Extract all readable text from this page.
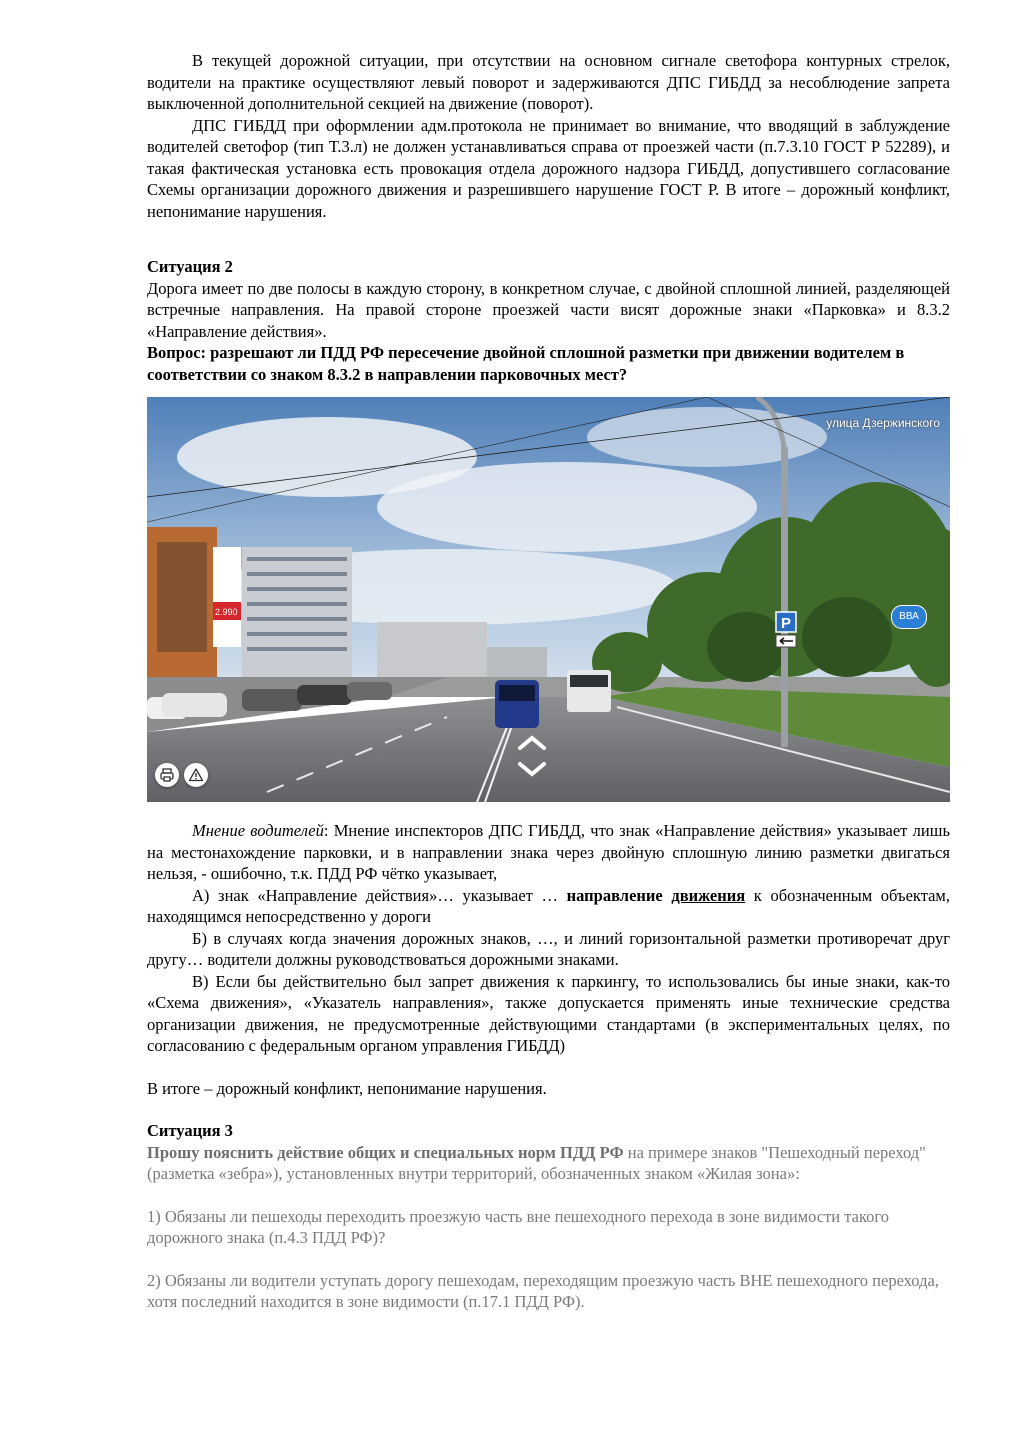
В текущей дорожной ситуации, при отсутствии на основном сигнале светофора контурных стрелок, водители на практике осуществляют левый поворот и задерживаются ДПС ГИБДД за несоблюдение запрета выключенной дополнительной секцией на движение (поворот).

ДПС ГИБДД при оформлении адм.протокола не принимает во внимание, что вводящий в заблуждение водителей светофор (тип Т.3.л) не должен устанавливаться справа от проезжей части (п.7.3.10 ГОСТ Р 52289), и такая фактическая установка есть провокация отдела дорожного надзора ГИБДД, допустившего согласование Схемы организации дорожного движения и разрешившего нарушение ГОСТ Р. В итоге – дорожный конфликт, непонимание нарушения.

Ситуация 2

Дорога имеет по две полосы в каждую сторону, в конкретном случае, с двойной сплошной линией, разделяющей встречные направления. На правой стороне проезжей части висят дорожные знаки «Парковка» и 8.3.2 «Направление действия».

Вопрос: разрешают ли ПДД РФ пересечение двойной сплошной разметки при движении водителем в соответствии со знаком 8.3.2 в направлении парковочных мест?

2.990
P
улица Дзержинского
ВВА

Мнение водителей: Мнение инспекторов ДПС ГИБДД, что знак «Направление действия» указывает лишь на местонахождение парковки, и в направлении знака через двойную сплошную линию разметки двигаться нельзя, - ошибочно, т.к. ПДД РФ чётко указывает,

А) знак «Направление действия»… указывает … направление движения к обозначенным объектам, находящимся непосредственно у дороги

Б) в случаях когда значения дорожных знаков, …, и линий горизонтальной разметки противоречат друг другу… водители должны руководствоваться дорожными знаками.

В) Если бы действительно был запрет движения к паркингу, то использовались бы иные знаки, как-то «Схема движения», «Указатель направления», также допускается применять иные технические средства организации движения, не предусмотренные действующими стандартами (в экспериментальных целях, по согласованию с федеральным органом управления ГИБДД)

В итоге – дорожный конфликт, непонимание нарушения.

Ситуация 3

Прошу пояснить действие общих и специальных норм ПДД РФ на примере знаков "Пешеходный переход" (разметка «зебра»), установленных внутри территорий, обозначенных знаком «Жилая зона»:

1) Обязаны ли пешеходы переходить проезжую часть вне пешеходного перехода в зоне видимости такого дорожного знака (п.4.3 ПДД РФ)?

2) Обязаны ли водители уступать дорогу пешеходам, переходящим проезжую часть ВНЕ пешеходного перехода, хотя последний находится в зоне видимости (п.17.1 ПДД РФ).
